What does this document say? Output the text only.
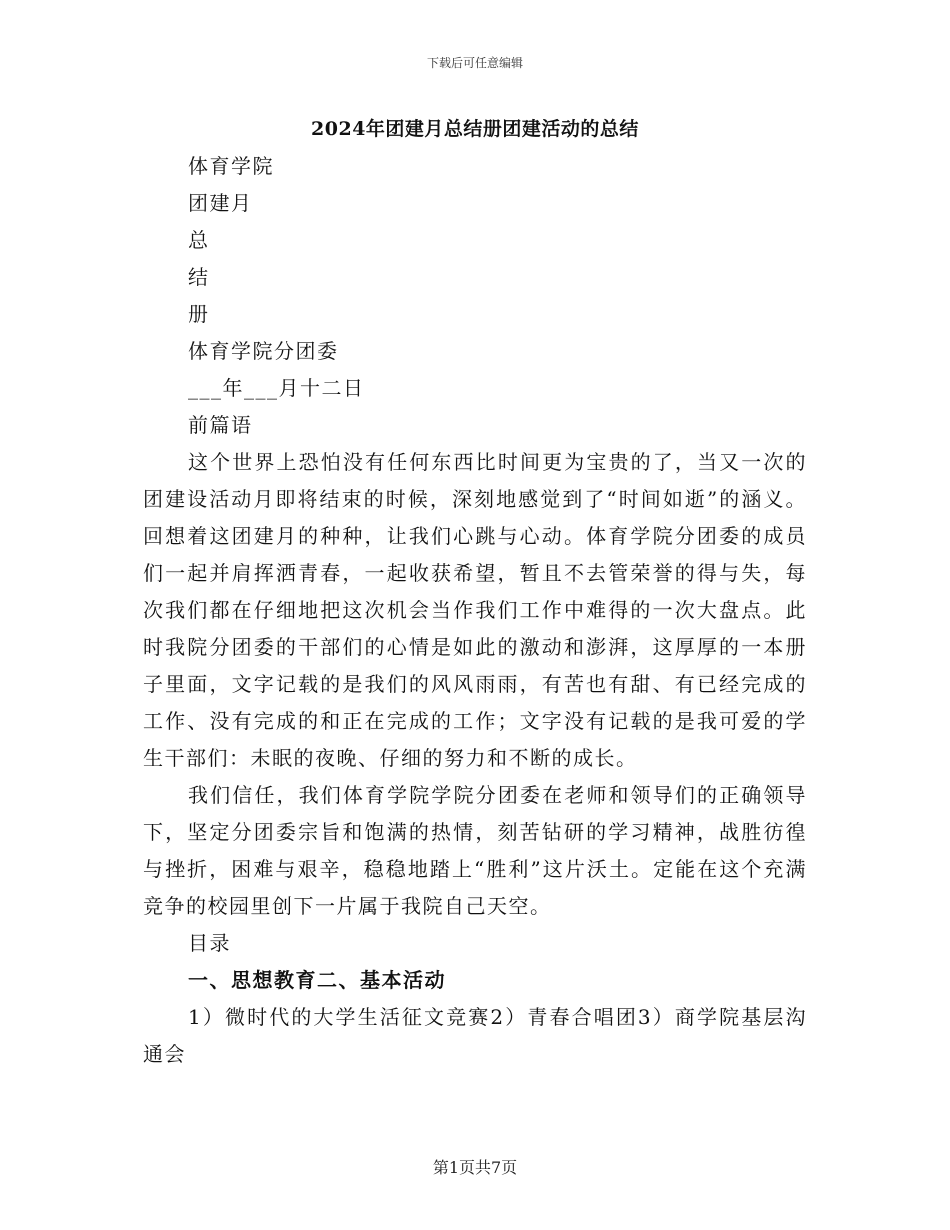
下载后可任意编辑
2024年团建月总结册团建活动的总结

体育学院

团建月

总

结

册

体育学院分团委

___年___月十二日

前篇语

这个世界上恐怕没有任何东西比时间更为宝贵的了，当又一次的团建设活动月即将结束的时候，深刻地感觉到了“时间如逝”的涵义。回想着这团建月的种种，让我们心跳与心动。体育学院分团委的成员们一起并肩挥洒青春，一起收获希望，暂且不去管荣誉的得与失，每次我们都在仔细地把这次机会当作我们工作中难得的一次大盘点。此时我院分团委的干部们的心情是如此的激动和澎湃，这厚厚的一本册子里面，文字记载的是我们的风风雨雨，有苦也有甜、有已经完成的工作、没有完成的和正在完成的工作；文字没有记载的是我可爱的学生干部们：未眠的夜晚、仔细的努力和不断的成长。

我们信任，我们体育学院学院分团委在老师和领导们的正确领导下，坚定分团委宗旨和饱满的热情，刻苦钻研的学习精神，战胜彷徨与挫折，困难与艰辛，稳稳地踏上“胜利”这片沃土。定能在这个充满竞争的校园里创下一片属于我院自己天空。

目录

一、思想教育二、基本活动

1）微时代的大学生活征文竞赛2）青春合唱团3）商学院基层沟通会

第1页共7页
